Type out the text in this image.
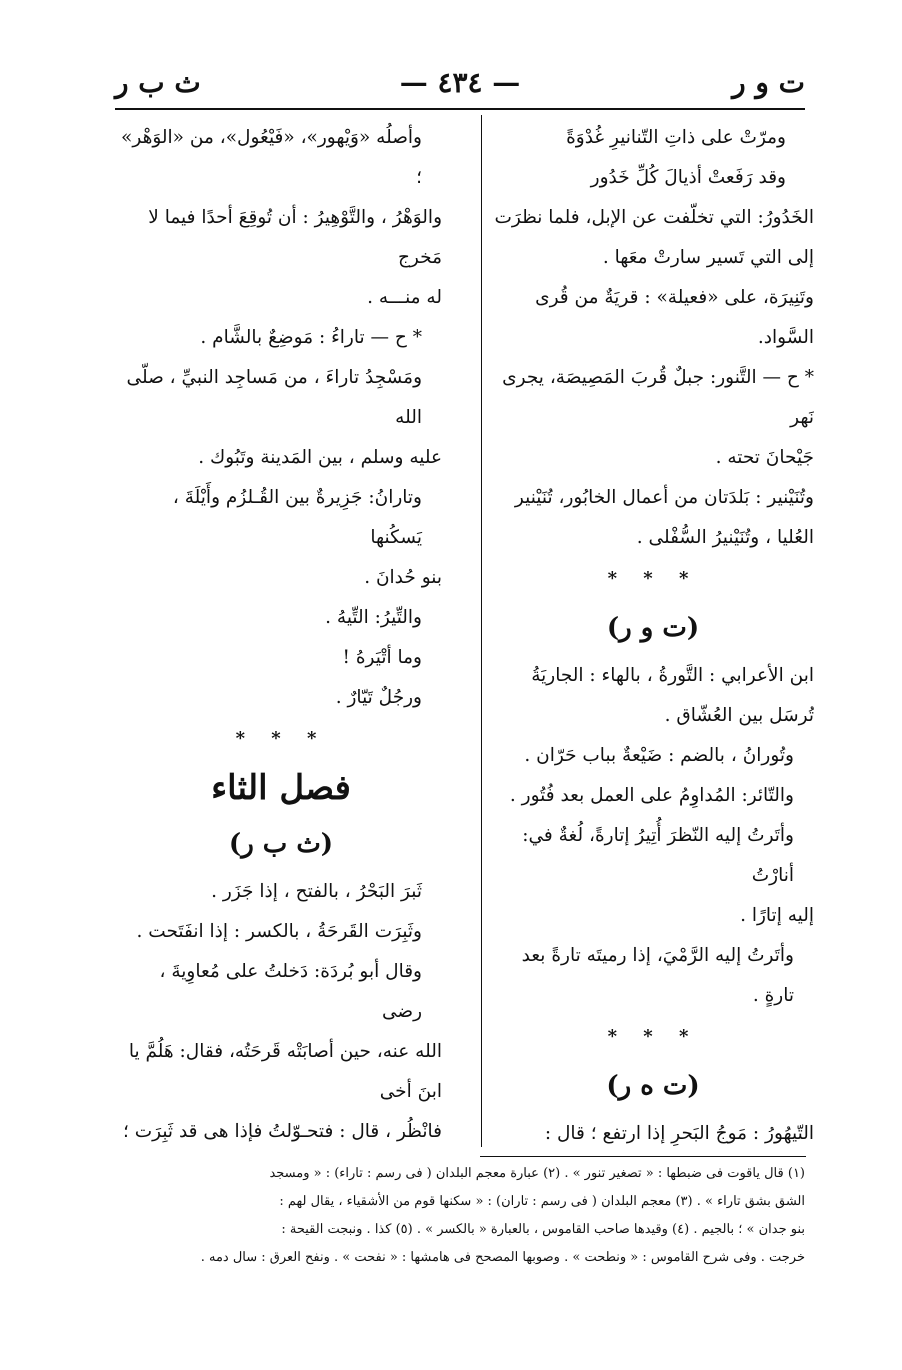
ت و ر
— ٤٣٤ —
ث ب ر

ومرّتْ على ذاتِ التّنانيرِ غُدْوَةً

وقد رَفَعتْ أذيالَ كُلِّ خَدُور

الخَدُورُ: التي تخلّفت عن الإبل، فلما نظرَت

إلى التي تَسير سارتْ معَها .

وتَنِيرَة، على «فعيلة» : قريَةٌ من قُرى السَّواد.

* ح — التَّنور: جبلٌ قُربَ المَصِيصَة، يجرى نَهر

جَيْحانَ تحته .

وتُنَيْنير : بَلدَتان من أعمال الخابُور، تُنَيْنير

العُليا ، وتُنَيْنيرُ السُّفْلى .

* * *

(ت و ر)

ابن الأعرابي : التَّورةُ ، بالهاء : الجاريَةُ

تُرسَل بين العُشّاق .

وتُورانُ ، بالضم : ضَيْعةٌ بباب حَرّان .

والتّائر: المُداوِمُ على العمل بعد فُتُور .

وأتَرتُ إليه النّظرَ أُتِيرُ إتارةً، لُغةٌ في: أنارْتُ

إليه إتارًا .

وأتَرتُ إليه الرَّمْيَ، إذا رميتَه تارةً بعد تارةٍ .

* * *

(ت ه ر)

التّيهُورُ : مَوجُ البَحرِ إذا ارتفع ؛ قال :

وأصلُه «وَيْهور»، «فَيْعُول»، من «الوَهْر» ؛

والوَهْرُ ، والتَّوْهِيرُ : أن تُوقِعَ أحدًا فيما لا مَخرج

له منـــه .

* ح — تاراءُ : مَوضِعٌ بالشَّام .

ومَسْجِدُ تاراءَ ، من مَساجِد النبيِّ ، صلّى الله

عليه وسلم ، بين المَدينة وتَبُوك .

وتارانُ: جَزِيرةٌ بين القُـلزُم وأَيْلَةَ ، يَسكُنها

بنو حُدانَ .

والتِّيرُ: التِّيهُ .

وما أتْيَرهُ !

ورجُلٌ تَيّارٌ .

* * *

فصل الثاء

(ث ب ر)

ثَبرَ البَحْرُ ، بالفتح ، إذا جَزَر .

وثَبِرَت القَرحَةُ ، بالكسر : إذا انفَتَحت .

وقال أبو بُردَة: دَخلتُ على مُعاوِيةَ ، رضى

الله عنه، حين أصابَتْه قَرحَتُه، فقال: هَلُمَّ يا ابنَ أخى

فانْظُر ، قال : فتحـوّلتُ فإذا هى قد ثَبِرَت ؛

(١) قال ياقوت فى ضبطها : « تصغير تنور » . (٢) عبارة معجم البلدان ( فى رسم : تاراء) : « ومسجد

الشق بشق تاراء » . (٣) معجم البلدان ( فى رسم : تاران) : « سكنها قوم من الأشقياء ، يقال لهم :

بنو جدان » ؛ بالجيم . (٤) وقيدها صاحب القاموس ، بالعبارة « بالكسر » . (٥) كذا . ونبجت القيحة :

خرجت . وفى شرح القاموس : « ونطحت » . وصوبها المصحح فى هامشها : « نفحت » . ونفح العرق : سال دمه .
